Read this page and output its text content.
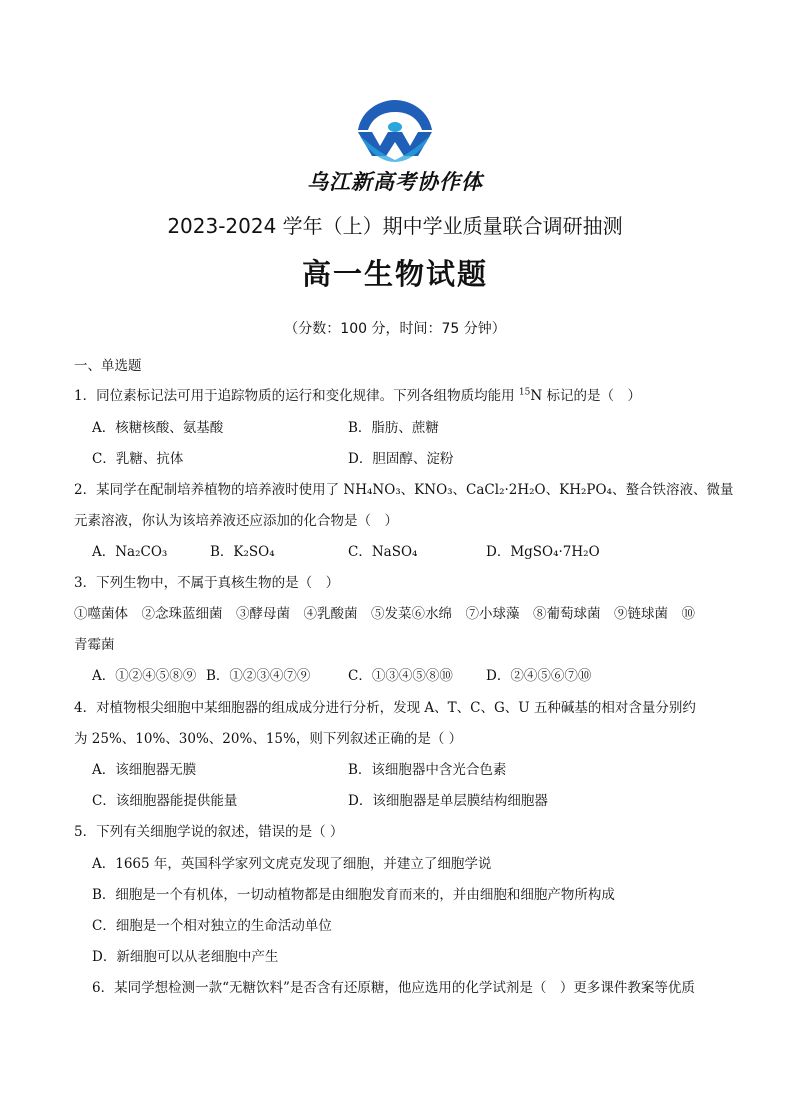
乌江新高考协作体
2023-2024 学年（上）期中学业质量联合调研抽测
高一生物试题
（分数：100 分，时间：75 分钟）
一、单选题
1．同位素标记法可用于追踪物质的运行和变化规律。下列各组物质均能用 $^{15}$N 标记的是（　）
A．核糖核酸、氨基酸	B．脂肪、蔗糖
C．乳糖、抗体	D．胆固醇、淀粉
2．某同学在配制培养植物的培养液时使用了 NH₄NO₃、KNO₃、CaCl₂·2H₂O、KH₂PO₄、螯合铁溶液、微量
元素溶液，你认为该培养液还应添加的化合物是（　）
A．Na₂CO₃	B．K₂SO₄	C．NaSO₄	D．MgSO₄·7H₂O
3．下列生物中，不属于真核生物的是（　）
①噬菌体　②念珠蓝细菌　③酵母菌　④乳酸菌　⑤发菜⑥水绵　⑦小球藻　⑧葡萄球菌　⑨链球菌　⑩
青霉菌
A．①②④⑤⑧⑨ B．①②③④⑦⑨	C．①③④⑤⑧⑩ D．②④⑤⑥⑦⑩
4．对植物根尖细胞中某细胞器的组成成分进行分析，发现 A、T、C、G、U 五种碱基的相对含量分别约
为 25%、10%、30%、20%、15%，则下列叙述正确的是（ ）
A．该细胞器无膜	B．该细胞器中含光合色素
C．该细胞器能提供能量	D．该细胞器是单层膜结构细胞器
5．下列有关细胞学说的叙述，错误的是（ ）
A．1665 年，英国科学家列文虎克发现了细胞，并建立了细胞学说
B．细胞是一个有机体，一切动植物都是由细胞发育而来的，并由细胞和细胞产物所构成
C．细胞是一个相对独立的生命活动单位
D．新细胞可以从老细胞中产生
6．某同学想检测一款“无糖饮料”是否含有还原糖，他应选用的化学试剂是（　）更多课件教案等优质
